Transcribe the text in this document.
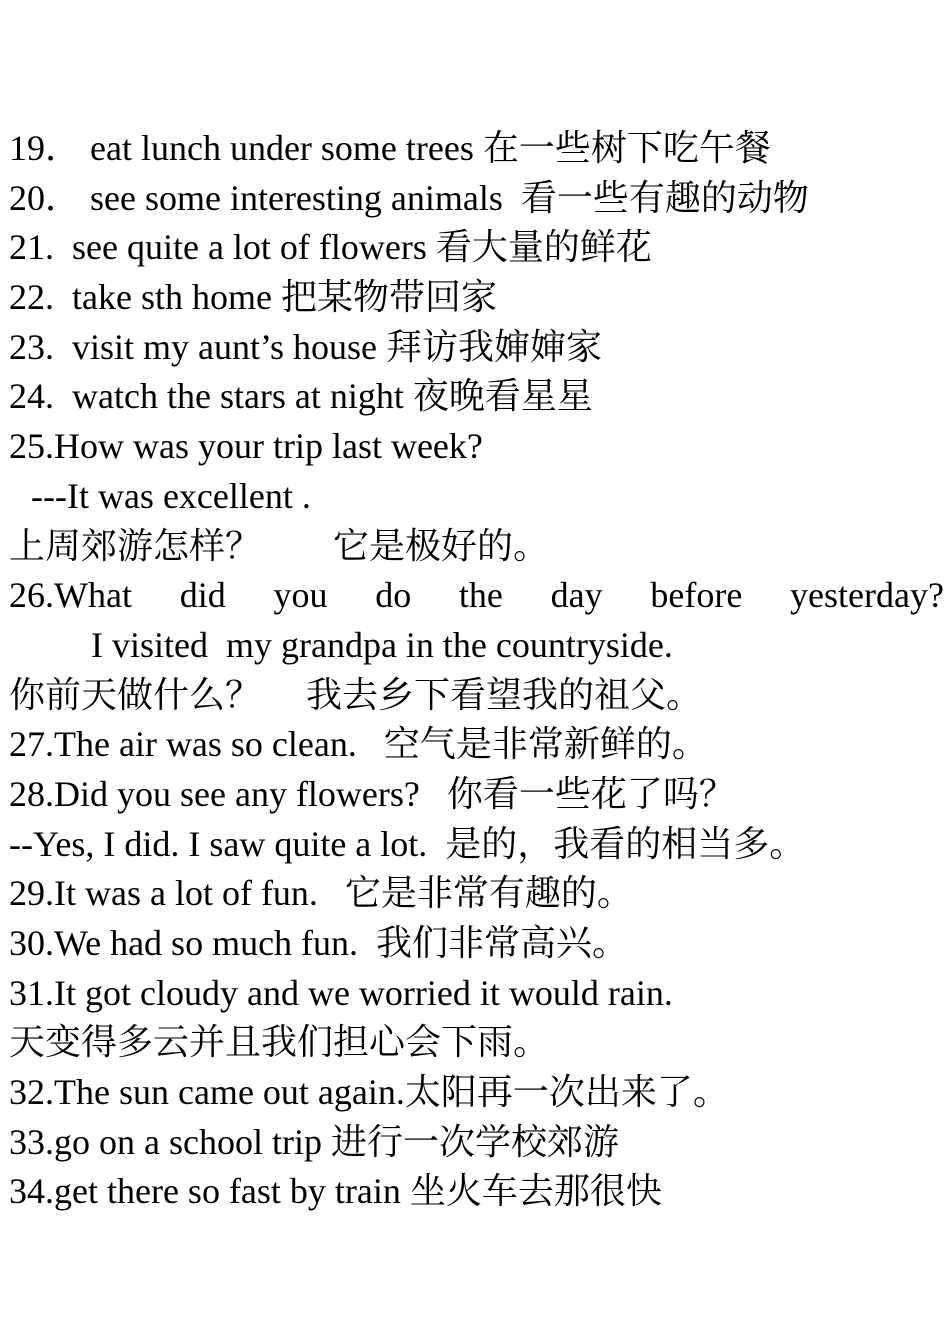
19． eat lunch under some trees 在一些树下吃午餐
20． see some interesting animals  看一些有趣的动物
21.  see quite a lot of flowers 看大量的鲜花
22.  take sth home 把某物带回家
23.  visit my aunt’s house 拜访我婶婶家
24.  watch the stars at night 夜晚看星星
25.How was your trip last week?
---It was excellent .
上周郊游怎样？        它是极好的。
26.What did you do the day before yesterday?
I visited  my grandpa in the countryside.
你前天做什么？     我去乡下看望我的祖父。
27.The air was so clean.   空气是非常新鲜的。
28.Did you see any flowers?   你看一些花了吗？
--Yes, I did. I saw quite a lot.  是的，我看的相当多。
29.It was a lot of fun.   它是非常有趣的。
30.We had so much fun.  我们非常高兴。
31.It got cloudy and we worried it would rain.
天变得多云并且我们担心会下雨。
32.The sun came out again.太阳再一次出来了。
33.go on a school trip 进行一次学校郊游
34.get there so fast by train 坐火车去那很快
